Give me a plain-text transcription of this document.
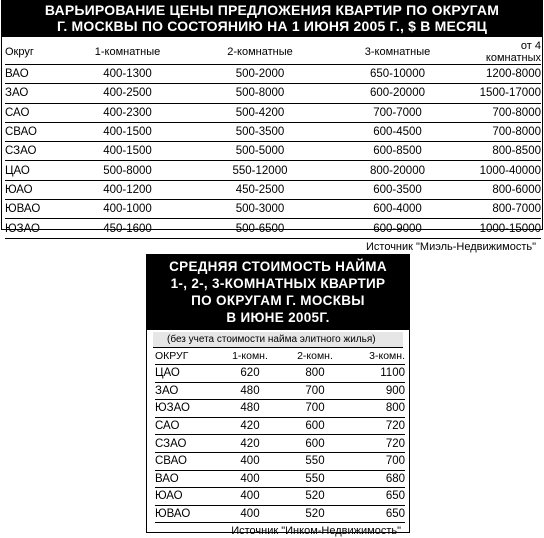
ВАРЬИРОВАНИЕ ЦЕНЫ ПРЕДЛОЖЕНИЯ КВАРТИР ПО ОКРУГАМ
Г. МОСКВЫ ПО СОСТОЯНИЮ НА 1 ИЮНЯ 2005 Г., $ В МЕСЯЦ
Округ	1-комнатные	2-комнатные	3-комнатные	от 4 комнатных
ВАО	400-1300	500-2000	650-10000	1200-8000
ЗАО	400-2500	500-8000	600-20000	1500-17000
САО	400-2300	500-4200	700-7000	700-8000
СВАО	400-1500	500-3500	600-4500	700-8000
СЗАО	400-1500	500-5000	600-8500	800-8500
ЦАО	500-8000	550-12000	800-20000	1000-40000
ЮАО	400-1200	450-2500	600-3500	800-6000
ЮВАО	400-1000	500-3000	600-4000	800-7000
ЮЗАО	450-1600	500-6500	600-9000	1000-15000
Источник "Миэль-Недвижимость"
СРЕДНЯЯ СТОИМОСТЬ НАЙМА
1-, 2-, 3-КОМНАТНЫХ КВАРТИР
ПО ОКРУГАМ Г. МОСКВЫ
В ИЮНЕ 2005Г.
(без учета стоимости найма элитного жилья)
ОКРУГ	1-комн.	2-комн.	3-комн.
ЦАО	620	800	1100
ЗАО	480	700	900
ЮЗАО	480	700	800
САО	420	600	720
СЗАО	420	600	720
СВАО	400	550	700
ВАО	400	550	680
ЮАО	400	520	650
ЮВАО	400	520	650
Источник "Инком-Недвижимость"
